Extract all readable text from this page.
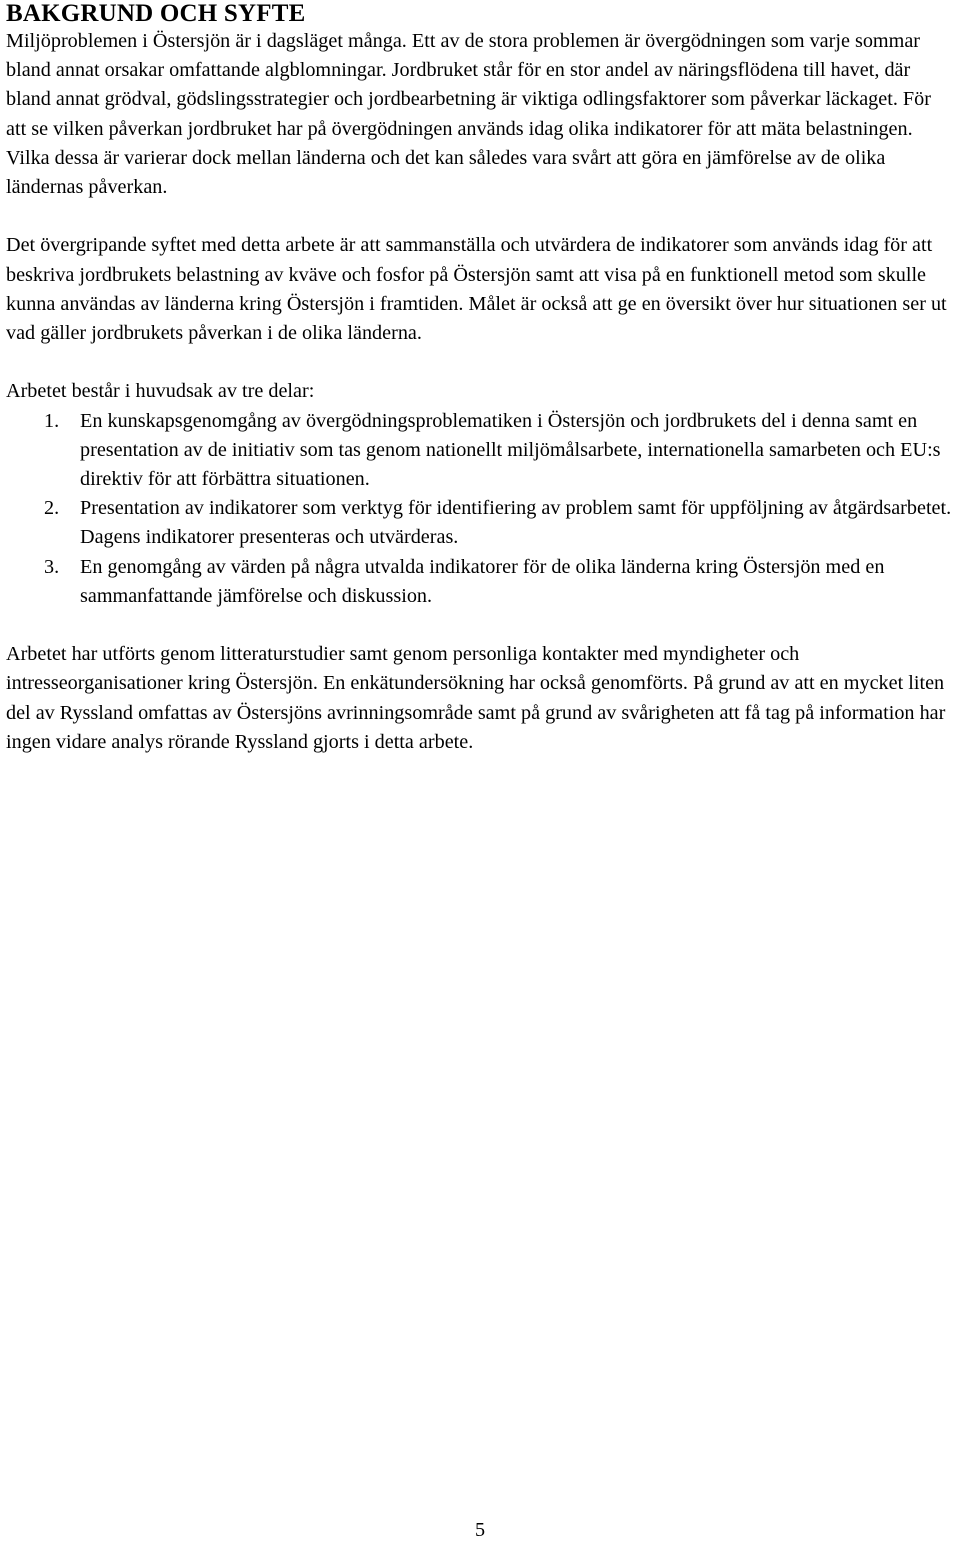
BAKGRUND OCH SYFTE

Miljöproblemen i Östersjön är i dagsläget många. Ett av de stora problemen är övergödningen som varje sommar bland annat orsakar omfattande algblomningar. Jordbruket står för en stor andel av näringsflödena till havet, där bland annat grödval, gödslingsstrategier och jordbearbetning är viktiga odlingsfaktorer som påverkar läckaget. För att se vilken påverkan jordbruket har på övergödningen används idag olika indikatorer för att mäta belastningen. Vilka dessa är varierar dock mellan länderna och det kan således vara svårt att göra en jämförelse av de olika ländernas påverkan.

Det övergripande syftet med detta arbete är att sammanställa och utvärdera de indikatorer som används idag för att beskriva jordbrukets belastning av kväve och fosfor på Östersjön samt att visa på en funktionell metod som skulle kunna användas av länderna kring Östersjön i framtiden. Målet är också att ge en översikt över hur situationen ser ut vad gäller jordbrukets påverkan i de olika länderna.

Arbetet består i huvudsak av tre delar:

1. En kunskapsgenomgång av övergödningsproblematiken i Östersjön och jordbrukets del i denna samt en presentation av de initiativ som tas genom nationellt miljömålsarbete, internationella samarbeten och EU:s direktiv för att förbättra situationen.
2. Presentation av indikatorer som verktyg för identifiering av problem samt för uppföljning av åtgärdsarbetet. Dagens indikatorer presenteras och utvärderas.
3. En genomgång av värden på några utvalda indikatorer för de olika länderna kring Östersjön med en sammanfattande jämförelse och diskussion.

Arbetet har utförts genom litteraturstudier samt genom personliga kontakter med myndigheter och intresseorganisationer kring Östersjön. En enkätundersökning har också genomförts. På grund av att en mycket liten del av Ryssland omfattas av Östersjöns avrinningsområde samt på grund av svårigheten att få tag på information har ingen vidare analys rörande Ryssland gjorts i detta arbete.

5
